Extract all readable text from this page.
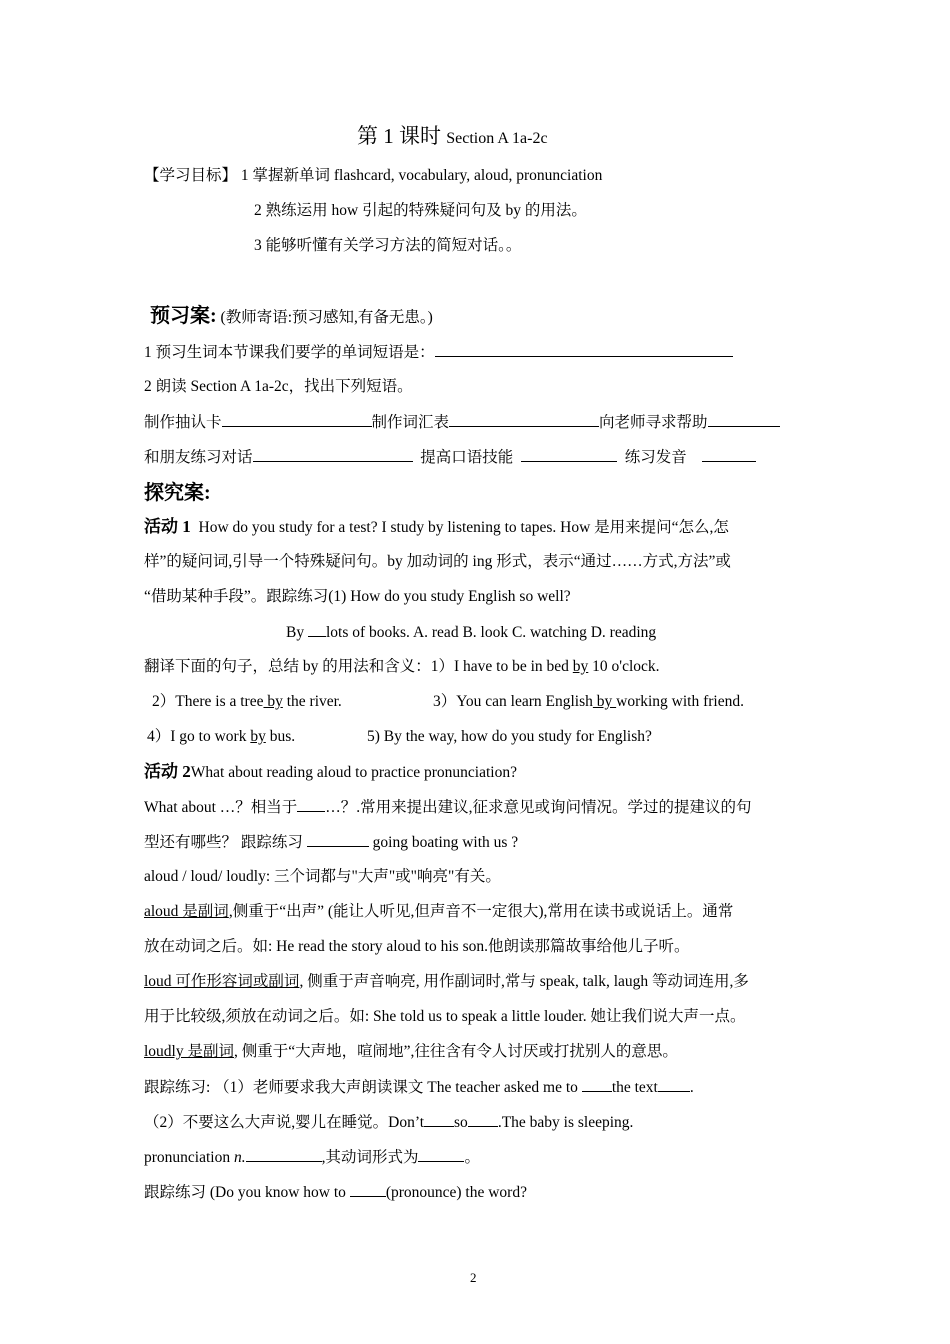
第 1 课时 Section A 1a-2c
【学习目标】 1 掌握新单词 flashcard, vocabulary, aloud, pronunciation
2 熟练运用 how 引起的特殊疑问句及 by 的用法。
3 能够听懂有关学习方法的简短对话。。
预习案: (教师寄语:预习感知,有备无患。)
1 预习生词本节课我们要学的单词短语是：
2 朗读 Section A 1a-2c，找出下列短语。
制作抽认卡	制作词汇表	向老师寻求帮助
和朋友练习对话	提高口语技能	练习发音
探究案:
活动 1 How do you study for a test? I study by listening to tapes. How 是用来提问“怎么,怎
样”的疑问词,引导一个特殊疑问句。by 加动词的 ing 形式，表示“通过……方式,方法”或
“借助某种手段”。跟踪练习(1) How do you study English so well?
By lots of books. A. read B. look C. watching D. reading
翻译下面的句子，总结 by 的用法和含义：1）I have to be in bed by 10 o'clock.
2）There is a tree by the river.	3）You can learn English by working with friend.
4）I go to work by bus.	5) By the way, how do you study for English?
活动 2What about reading aloud to practice pronunciation?
What about …？相当于 …？.常用来提出建议,征求意见或询问情况。学过的提建议的句
型还有哪些？ 跟踪练习	going boating with us ?
aloud / loud/ loudly: 三个词都与"大声"或"响亮"有关。
aloud 是副词,侧重于“出声” (能让人听见,但声音不一定很大),常用在读书或说话上。通常
放在动词之后。如: He read the story aloud to his son.他朗读那篇故事给他儿子听。
loud 可作形容词或副词, 侧重于声音响亮, 用作副词时,常与 speak, talk, laugh 等动词连用,多
用于比较级,须放在动词之后。如: She told us to speak a little louder. 她让我们说大声一点。
loudly 是副词, 侧重于“大声地，喧闹地”,往往含有令人讨厌或打扰别人的意思。
跟踪练习: （1）老师要求我大声朗读课文 The teacher asked me to the text .
（2）不要这么大声说,婴儿在睡觉。Don’t so .The baby is sleeping.
pronunciation n.	,其动词形式为	。
跟踪练习 (Do you know how to (pronounce) the word?
2
